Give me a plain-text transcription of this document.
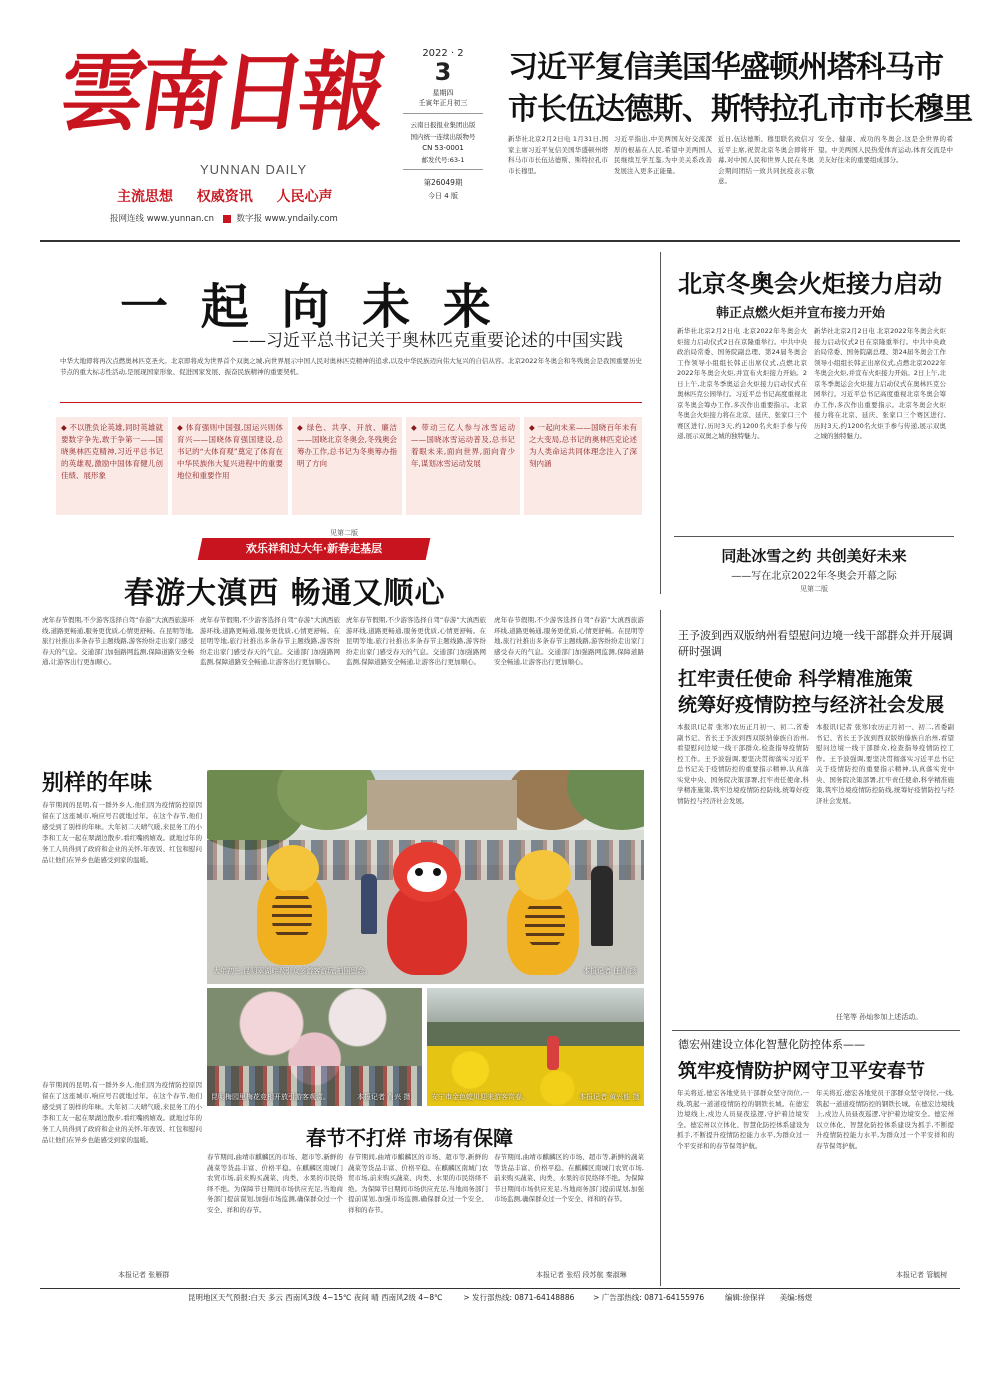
雲南日報
YUNNAN DAILY
主流思想 权威资讯 人民心声
报网连线 www.yunnan.cn	数字报 www.yndaily.com
2022 · 2
3
星期四
壬寅年正月初三
云南日报报业集团出版
国内统一连续出版物号
CN 53-0001
邮发代号:63-1
第26049期
今日 4 版
习近平复信美国华盛顿州塔科马市
市长伍达德斯、斯特拉孔市市长穆里
新华社北京2月2日电 1月31日,国家主席习近平复信美国华盛顿州塔科马市市长伍达德斯、斯特拉孔市市长穆里。
习近平指出,中美两国友好交流深厚的根基在人民,希望中美两国人民继续互学互鉴,为中美关系改善发展注入更多正能量。
近日,伍达德斯、穆里联名致信习近平主席,祝贺北京冬奥会即将开幕,对中国人民和世界人民在冬奥会期间团结一致共同抗疫表示敬意。
安全、健康、成功的冬奥会,这是全世界的希望。中美两国人民热爱体育运动,体育交流是中美友好往来的重要组成部分。
一 起 向 未 来
——习近平总书记关于奥林匹克重要论述的中国实践
中华大地即将再次点燃奥林匹克圣火。北京即将成为世界首个双奥之城,向世界展示中国人民对奥林匹克精神的追求,以及中华民族迈向伟大复兴的自信从容。北京2022年冬奥会和冬残奥会是我国重要历史节点的重大标志性活动,是展现国家形象、促进国家发展、振奋民族精神的重要契机。
◆ 不以胜负论英雄,同时英雄就要数字争先,敢于争第一——国晓奥林匹克精神,习近平总书记的英雄观,激励中国体育健儿创佳绩、展形象
◆ 体育强则中国强,国运兴则体育兴——国晓体育强国建设,总书记的“大体育观”奠定了体育在中华民族伟大复兴进程中的重要地位和重要作用
◆ 绿色、共享、开放、廉洁——国晓北京冬奥会,冬残奥会筹办工作,总书记为冬奥筹办指明了方向
◆ 带动三亿人参与冰雪运动——国晓冰雪运动普及,总书记着眼未来,面向世界,面向青少年,谋划冰雪运动发展
◆ 一起向未来——国晓百年未有之大变局,总书记的奥林匹克论述为人类命运共同体理念注入了深刻内涵
见第二版
北京冬奥会火炬接力启动
韩正点燃火炬并宣布接力开始
新华社北京2月2日电 北京2022年冬奥会火炬接力启动仪式2日在京隆重举行。中共中央政治局常委、国务院副总理、第24届冬奥会工作领导小组组长韩正出席仪式,点燃北京2022年冬奥会火炬,并宣布火炬接力开始。2日上午,北京冬季奥运会火炬接力启动仪式在奥林匹克公园举行。习近平总书记高度重视北京冬奥会筹办工作,多次作出重要指示。北京冬奥会火炬接力将在北京、延庆、张家口三个赛区进行,历时3天,约1200名火炬手参与传递,展示双奥之城的独特魅力。
新华社北京2月2日电 北京2022年冬奥会火炬接力启动仪式2日在京隆重举行。中共中央政治局常委、国务院副总理、第24届冬奥会工作领导小组组长韩正出席仪式,点燃北京2022年冬奥会火炬,并宣布火炬接力开始。2日上午,北京冬季奥运会火炬接力启动仪式在奥林匹克公园举行。习近平总书记高度重视北京冬奥会筹办工作,多次作出重要指示。北京冬奥会火炬接力将在北京、延庆、张家口三个赛区进行,历时3天,约1200名火炬手参与传递,展示双奥之城的独特魅力。
同赴冰雪之约 共创美好未来
——写在北京2022年冬奥会开幕之际
见第二版
欢乐祥和过大年·新春走基层
春游大滇西 畅通又顺心
虎年春节假期,不少游客选择自驾“春游”大滇西旅游环线,道路更畅通,服务更优质,心情更舒畅。在昆明等地,旅行社推出多条春节主题线路,游客纷纷走出家门感受春天的气息。交通部门加强路网监测,保障道路安全畅通,让游客出行更加顺心。
虎年春节假期,不少游客选择自驾“春游”大滇西旅游环线,道路更畅通,服务更优质,心情更舒畅。在昆明等地,旅行社推出多条春节主题线路,游客纷纷走出家门感受春天的气息。交通部门加强路网监测,保障道路安全畅通,让游客出行更加顺心。
虎年春节假期,不少游客选择自驾“春游”大滇西旅游环线,道路更畅通,服务更优质,心情更舒畅。在昆明等地,旅行社推出多条春节主题线路,游客纷纷走出家门感受春天的气息。交通部门加强路网监测,保障道路安全畅通,让游客出行更加顺心。
虎年春节假期,不少游客选择自驾“春游”大滇西旅游环线,道路更畅通,服务更优质,心情更舒畅。在昆明等地,旅行社推出多条春节主题线路,游客纷纷走出家门感受春天的气息。交通部门加强路网监测,保障道路安全畅通,让游客出行更加顺心。
别样的年味
春节期间的昆明,有一群外乡人,他们因为疫情防控原因留在了这座城市,响应号召就地过年。在这个春节,他们感受到了别样的年味。大年初二天晴气暖,来昆务工的小李和工友一起在翠湖边散步,看红嘴鸥嬉戏。就地过年的务工人员得到了政府和企业的关怀,年夜饭、红包和慰问品让他们在异乡也能感受到家的温暖。
春节期间的昆明,有一群外乡人,他们因为疫情防控原因留在了这座城市,响应号召就地过年。在这个春节,他们感受到了别样的年味。大年初二天晴气暖,来昆务工的小李和工友一起在翠湖边散步,看红嘴鸥嬉戏。就地过年的务工人员得到了政府和企业的关怀,年夜饭、红包和慰问品让他们在异乡也能感受到家的温暖。
本报记者 张雁群
大年初三,昆明翠湖畔吸引众多游客游玩,拍照留念。	本报记者 任锦 摄
昆明梅园里梅花竞相开放引游客观赏。	本报记者 肖兴 摄	安宁市金色螳川迎来游客赏春。	本报记者 黄兴能 摄
春节不打烊 市场有保障
春节期间,曲靖市麒麟区的市场、超市等,新鲜的蔬菜等货品丰富、价格平稳。在麒麟区南城门农贸市场,前来购买蔬菜、肉类、水果的市民络绎不绝。为保障节日期间市场供应充足,当地商务部门提前谋划,加强市场监测,确保群众过一个安全、祥和的春节。
春节期间,曲靖市麒麟区的市场、超市等,新鲜的蔬菜等货品丰富、价格平稳。在麒麟区南城门农贸市场,前来购买蔬菜、肉类、水果的市民络绎不绝。为保障节日期间市场供应充足,当地商务部门提前谋划,加强市场监测,确保群众过一个安全、祥和的春节。
春节期间,曲靖市麒麟区的市场、超市等,新鲜的蔬菜等货品丰富、价格平稳。在麒麟区南城门农贸市场,前来购买蔬菜、肉类、水果的市民络绎不绝。为保障节日期间市场供应充足,当地商务部门提前谋划,加强市场监测,确保群众过一个安全、祥和的春节。
本报记者 张绍 段苏航 秦淑琳
王予波到西双版纳州看望慰问边境一线干部群众并开展调研时强调
扛牢责任使命 科学精准施策
统筹好疫情防控与经济社会发展
本报讯(记者 张寒)农历正月初一、初二,省委副书记、省长王予波到西双版纳傣族自治州,看望慰问边境一线干部群众,检查指导疫情防控工作。王予波强调,要坚决贯彻落实习近平总书记关于疫情防控的重要指示精神,认真落实党中央、国务院决策部署,扛牢责任使命,科学精准施策,筑牢边境疫情防控防线,统筹好疫情防控与经济社会发展。
本报讯(记者 张寒)农历正月初一、初二,省委副书记、省长王予波到西双版纳傣族自治州,看望慰问边境一线干部群众,检查指导疫情防控工作。王予波强调,要坚决贯彻落实习近平总书记关于疫情防控的重要指示精神,认真落实党中央、国务院决策部署,扛牢责任使命,科学精准施策,筑牢边境疫情防控防线,统筹好疫情防控与经济社会发展。
任笔等 孙灿参加上述活动。
德宏州建设立体化智慧化防控体系——
筑牢疫情防护网守卫平安春节
年关将近,德宏各地党员干部群众坚守岗位,一线,筑起一道道疫情防控的钢铁长城。在德宏边境线上,戍边人员昼夜巡逻,守护着边境安全。德宏州以立体化、智慧化防控体系建设为抓手,不断提升疫情防控能力水平,为群众过一个平安祥和的春节保驾护航。
年关将近,德宏各地党员干部群众坚守岗位,一线,筑起一道道疫情防控的钢铁长城。在德宏边境线上,戍边人员昼夜巡逻,守护着边境安全。德宏州以立体化、智慧化防控体系建设为抓手,不断提升疫情防控能力水平,为群众过一个平安祥和的春节保驾护航。
本报记者 管毓树
昆明地区天气预报:白天 多云 西南风3级 4~15℃ 夜间 晴 西南风2级 4~8℃	> 发行部热线: 0871-64148886	> 广告部热线: 0871-64155976	编辑:徐保祥 美编:杨煜
